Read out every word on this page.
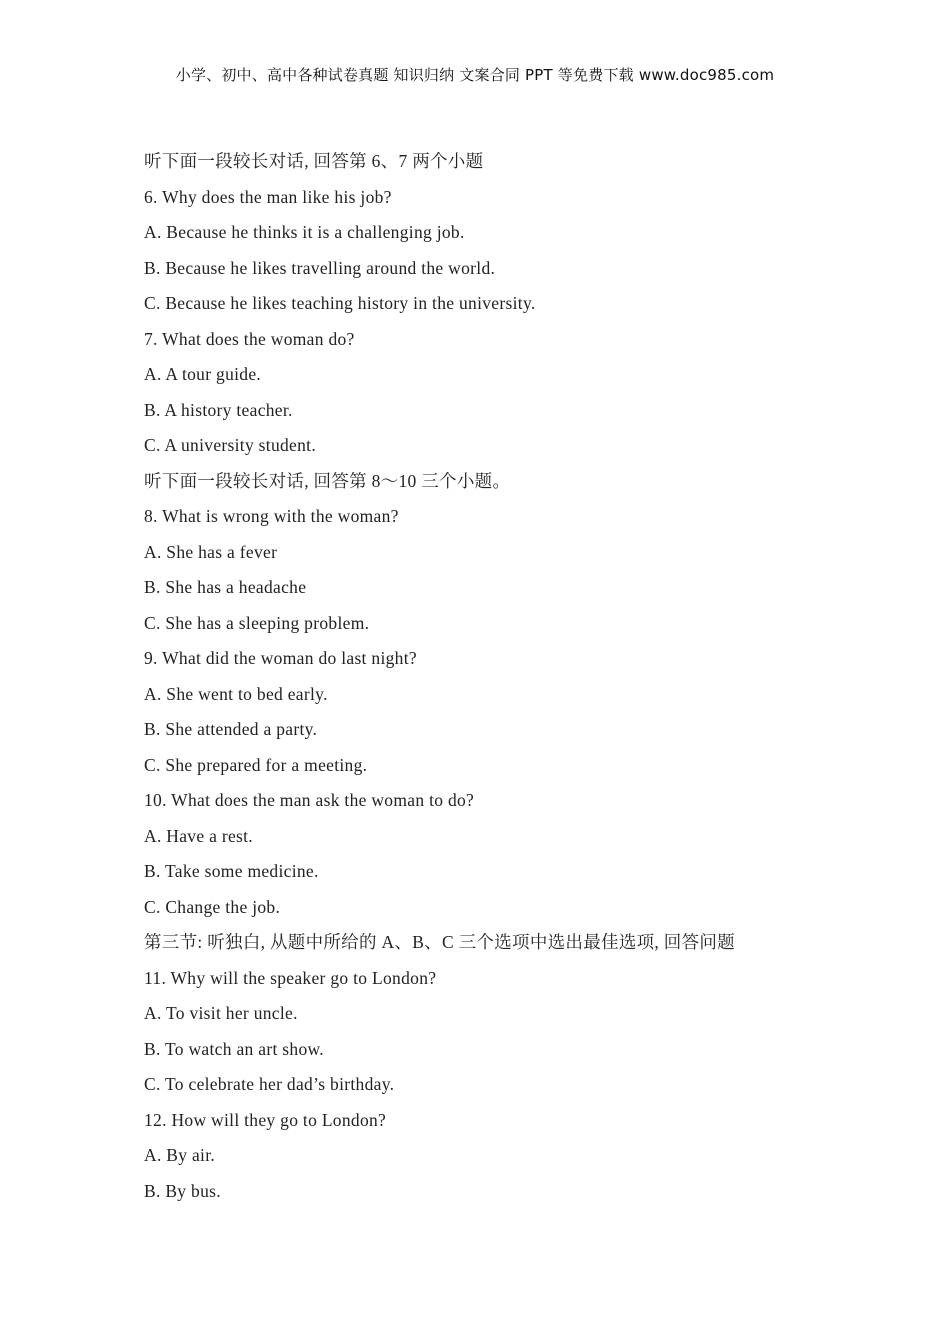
小学、初中、高中各种试卷真题 知识归纳 文案合同 PPT 等免费下载 www.doc985.com
听下面一段较长对话, 回答第 6、7 两个小题
6. Why does the man like his job?
A. Because he thinks it is a challenging job.
B. Because he likes travelling around the world.
C. Because he likes teaching history in the university.
7. What does the woman do?
A. A tour guide.
B. A history teacher.
C. A university student.
听下面一段较长对话, 回答第 8～10 三个小题。
8. What is wrong with the woman?
A. She has a fever
B. She has a headache
C. She has a sleeping problem.
9. What did the woman do last night?
A. She went to bed early.
B. She attended a party.
C. She prepared for a meeting.
10. What does the man ask the woman to do?
A. Have a rest.
B. Take some medicine.
C. Change the job.
第三节: 听独白, 从题中所给的 A、B、C 三个选项中选出最佳选项, 回答问题
11. Why will the speaker go to London?
A. To visit her uncle.
B. To watch an art show.
C. To celebrate her dad’s birthday.
12. How will they go to London?
A. By air.
B. By bus.
